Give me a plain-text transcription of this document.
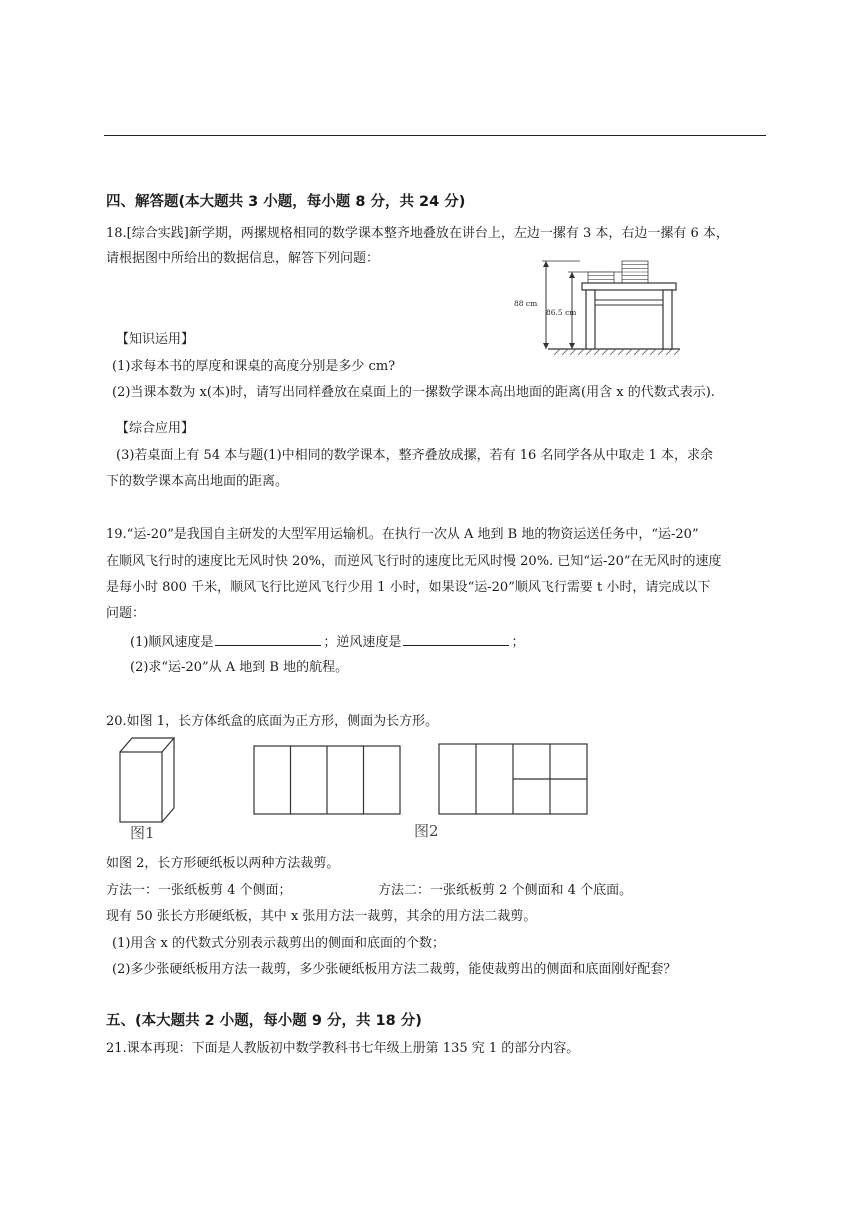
四、解答题(本大题共 3 小题，每小题 8 分，共 24 分)
18.[综合实践]新学期，两摞规格相同的数学课本整齐地叠放在讲台上，左边一摞有 3 本，右边一摞有 6 本，
请根据图中所给出的数据信息，解答下列问题：
88 cm
86.5 cm
【知识运用】
(1)求每本书的厚度和课桌的高度分别是多少 cm?
(2)当课本数为 x(本)时，请写出同样叠放在桌面上的一摞数学课本高出地面的距离(用含 x 的代数式表示).
【综合应用】
(3)若桌面上有 54 本与题(1)中相同的数学课本，整齐叠放成摞，若有 16 名同学各从中取走 1 本，求余
下的数学课本高出地面的距离。
19.“运-20”是我国自主研发的大型军用运输机。在执行一次从 A 地到 B 地的物资运送任务中，“运-20”
在顺风飞行时的速度比无风时快 20%，而逆风飞行时的速度比无风时慢 20%. 已知“运-20”在无风时的速度
是每小时 800 千米，顺风飞行比逆风飞行少用 1 小时，如果设“运-20”顺风飞行需要 t 小时，请完成以下
问题：
(1)顺风速度是	；逆风速度是	；
(2)求“运-20”从 A 地到 B 地的航程。
20.如图 1，长方体纸盒的底面为正方形，侧面为长方形。
图1	图2
如图 2，长方形硬纸板以两种方法裁剪。
方法一：一张纸板剪 4 个侧面；	方法二：一张纸板剪 2 个侧面和 4 个底面。
现有 50 张长方形硬纸板，其中 x 张用方法一裁剪，其余的用方法二裁剪。
(1)用含 x 的代数式分别表示裁剪出的侧面和底面的个数；
(2)多少张硬纸板用方法一裁剪，多少张硬纸板用方法二裁剪，能使裁剪出的侧面和底面刚好配套？
五、(本大题共 2 小题，每小题 9 分，共 18 分)
21.课本再现：下面是人教版初中数学教科书七年级上册第 135 究 1 的部分内容。
